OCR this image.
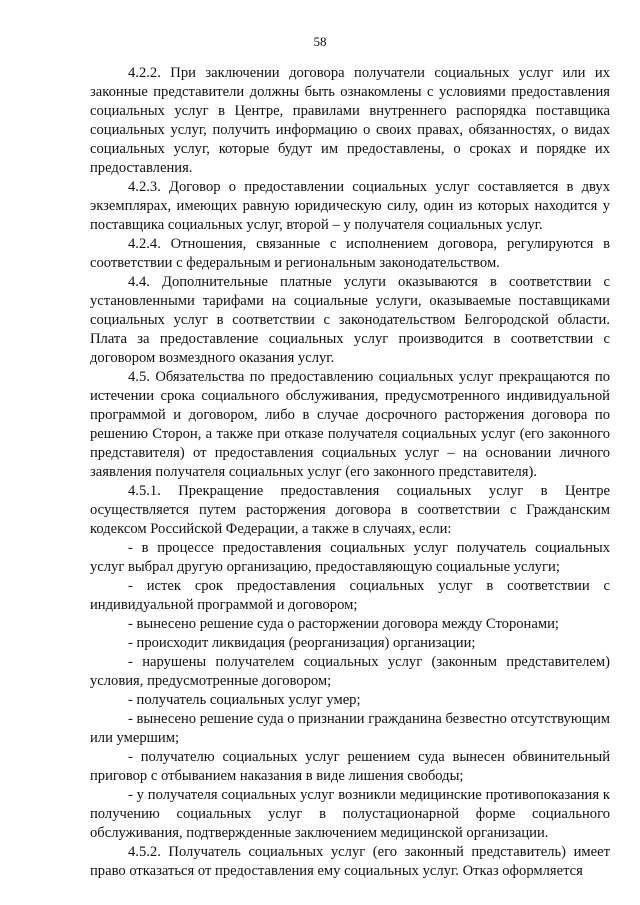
58

4.2.2. При заключении договора получатели социальных услуг или их законные представители должны быть ознакомлены с условиями предоставления социальных услуг в Центре, правилами внутреннего распорядка поставщика социальных услуг, получить информацию о своих правах, обязанностях, о видах социальных услуг, которые будут им предоставлены, о сроках и порядке их предоставления.

4.2.3. Договор о предоставлении социальных услуг составляется в двух экземплярах, имеющих равную юридическую силу, один из которых находится у поставщика социальных услуг, второй – у получателя социальных услуг.

4.2.4. Отношения, связанные с исполнением договора, регулируются в соответствии с федеральным и региональным законодательством.

4.4. Дополнительные платные услуги оказываются в соответствии с установленными тарифами на социальные услуги, оказываемые поставщиками социальных услуг в соответствии с законодательством Белгородской области. Плата за предоставление социальных услуг производится в соответствии с договором возмездного оказания услуг.

4.5. Обязательства по предоставлению социальных услуг прекращаются по истечении срока социального обслуживания, предусмотренного индивидуальной программой и договором, либо в случае досрочного расторжения договора по решению Сторон, а также при отказе получателя социальных услуг (его законного представителя) от предоставления социальных услуг – на основании личного заявления получателя социальных услуг (его законного представителя).

4.5.1. Прекращение предоставления социальных услуг в Центре осуществляется путем расторжения договора в соответствии с Гражданским кодексом Российской Федерации, а также в случаях, если:

- в процессе предоставления социальных услуг получатель социальных услуг выбрал другую организацию, предоставляющую социальные услуги;

- истек срок предоставления социальных услуг в соответствии с индивидуальной программой и договором;

- вынесено решение суда о расторжении договора между Сторонами;

- происходит ликвидация (реорганизация) организации;

- нарушены получателем социальных услуг (законным представителем) условия, предусмотренные договором;

- получатель социальных услуг умер;

- вынесено решение суда о признании гражданина безвестно отсутствующим или умершим;

- получателю социальных услуг решением суда вынесен обвинительный приговор с отбыванием наказания в виде лишения свободы;

- у получателя социальных услуг возникли медицинские противопоказания к получению социальных услуг в полустационарной форме социального обслуживания, подтвержденные заключением медицинской организации.

4.5.2. Получатель социальных услуг (его законный представитель) имеет право отказаться от предоставления ему социальных услуг. Отказ оформляется
